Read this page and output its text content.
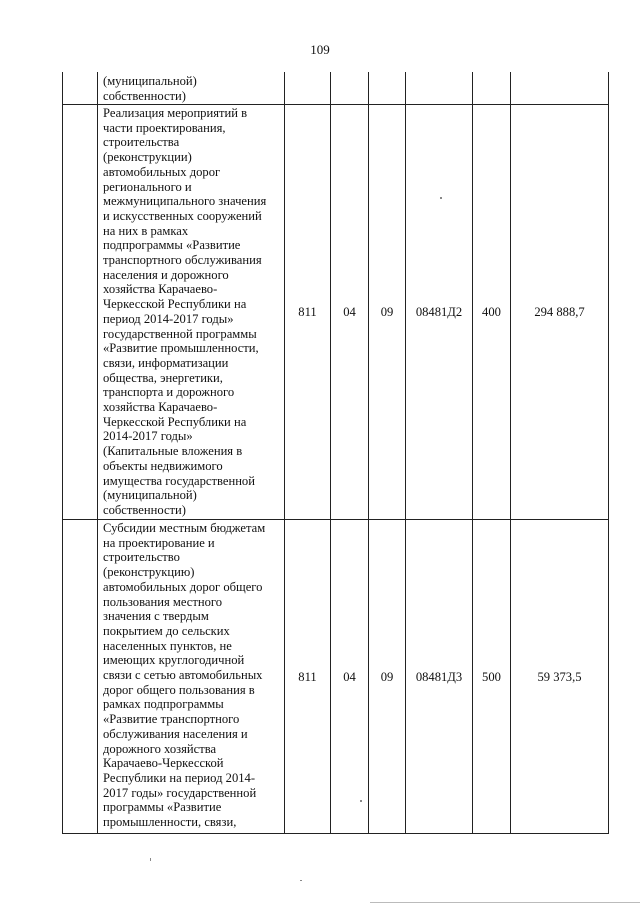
109
(муниципальной)
собственности)
Реализация мероприятий в
части проектирования,
строительства
(реконструкции)
автомобильных дорог
регионального и
межмуниципального значения
и искусственных сооружений
на них в рамках
подпрограммы «Развитие
транспортного обслуживания
населения и дорожного
хозяйства Карачаево-
Черкесской Республики на
период 2014-2017 годы»
государственной программы
«Развитие промышленности,
связи, информатизации
общества, энергетики,
транспорта и дорожного
хозяйства Карачаево-
Черкесской Республики на
2014-2017 годы»
(Капитальные вложения в
объекты недвижимого
имущества государственной
(муниципальной)
собственности)
811	04	09	08481Д2	400	294 888,7
Субсидии местным бюджетам
на проектирование и
строительство
(реконструкцию)
автомобильных дорог общего
пользования местного
значения с твердым
покрытием до сельских
населенных пунктов, не
имеющих круглогодичной
связи с сетью автомобильных
дорог общего пользования в
рамках подпрограммы
«Развитие транспортного
обслуживания населения и
дорожного хозяйства
Карачаево-Черкесской
Республики на период 2014-
2017 годы» государственной
программы «Развитие
промышленности, связи,
811	04	09	08481Д3	500	59 373,5
